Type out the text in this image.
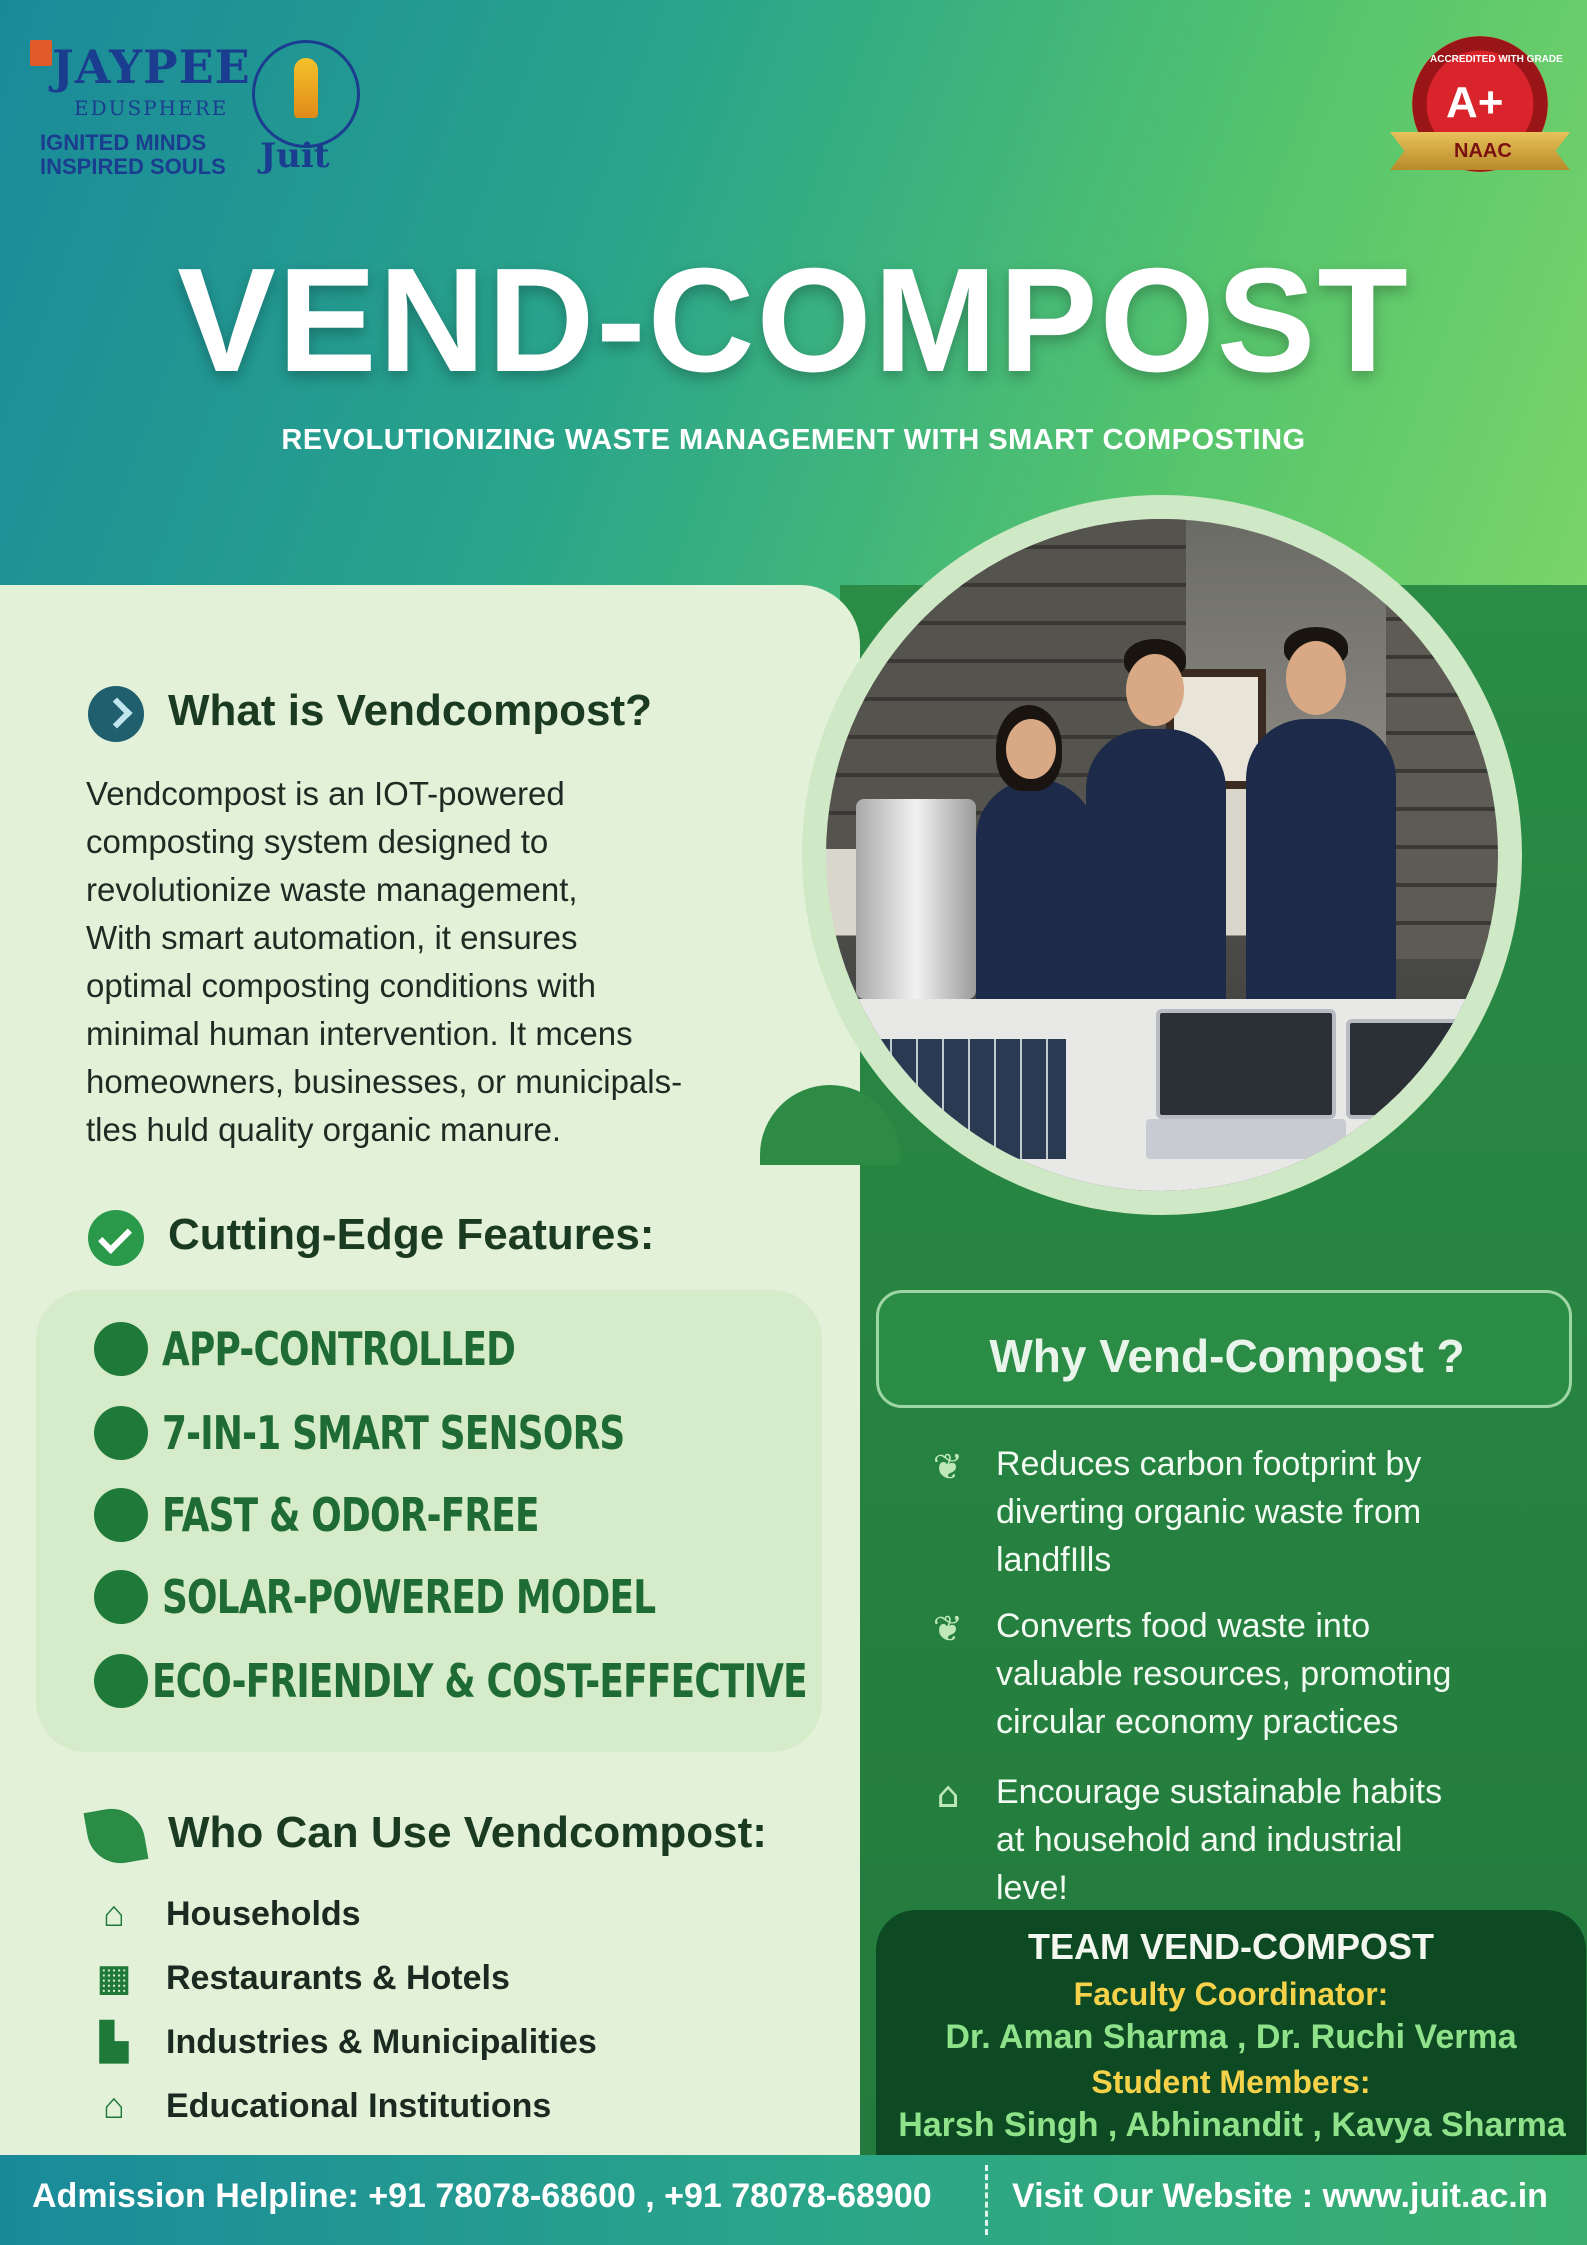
JAYPEE
EDUSPHERE
IGNITED MINDS
INSPIRED SOULS Juit
ACCREDITED WITH GRADE
A+
NAAC
VEND-COMPOST
REVOLUTIONIZING WASTE MANAGEMENT WITH SMART COMPOSTING
What is Vendcompost?
Vendcompost is an IOT-powered
composting system designed to
revolutionize waste management,
With smart automation, it ensures
optimal composting conditions with
minimal human intervention. It mcens
homeowners, businesses, or municipals-
tles huld quality organic manure.
Cutting-Edge Features:
APP-CONTROLLED
7-IN-1 SMART SENSORS
FAST & ODOR-FREE
SOLAR-POWERED MODEL
ECO-FRIENDLY & COST-EFFECTIVE
Who Can Use Vendcompost:
⌂	Households
▦ Restaurants & Hotels
▙	Industries & Municipalities
⌂	Educational Institutions
Why Vend-Compost ?
❦ Reduces carbon footprint by
diverting organic waste from
landfIlls
❦ Converts food waste into
valuable resources, promoting
circular economy practices
⌂	Encourage sustainable habits
at household and industrial
leve!
TEAM VEND-COMPOST
Faculty Coordinator:
Dr. Aman Sharma , Dr. Ruchi Verma
Student Members:
Harsh Singh , Abhinandit , Kavya Sharma
Admission Helpline: +91 78078-68600 , +91 78078-68900 Visit Our Website : www.juit.ac.in
